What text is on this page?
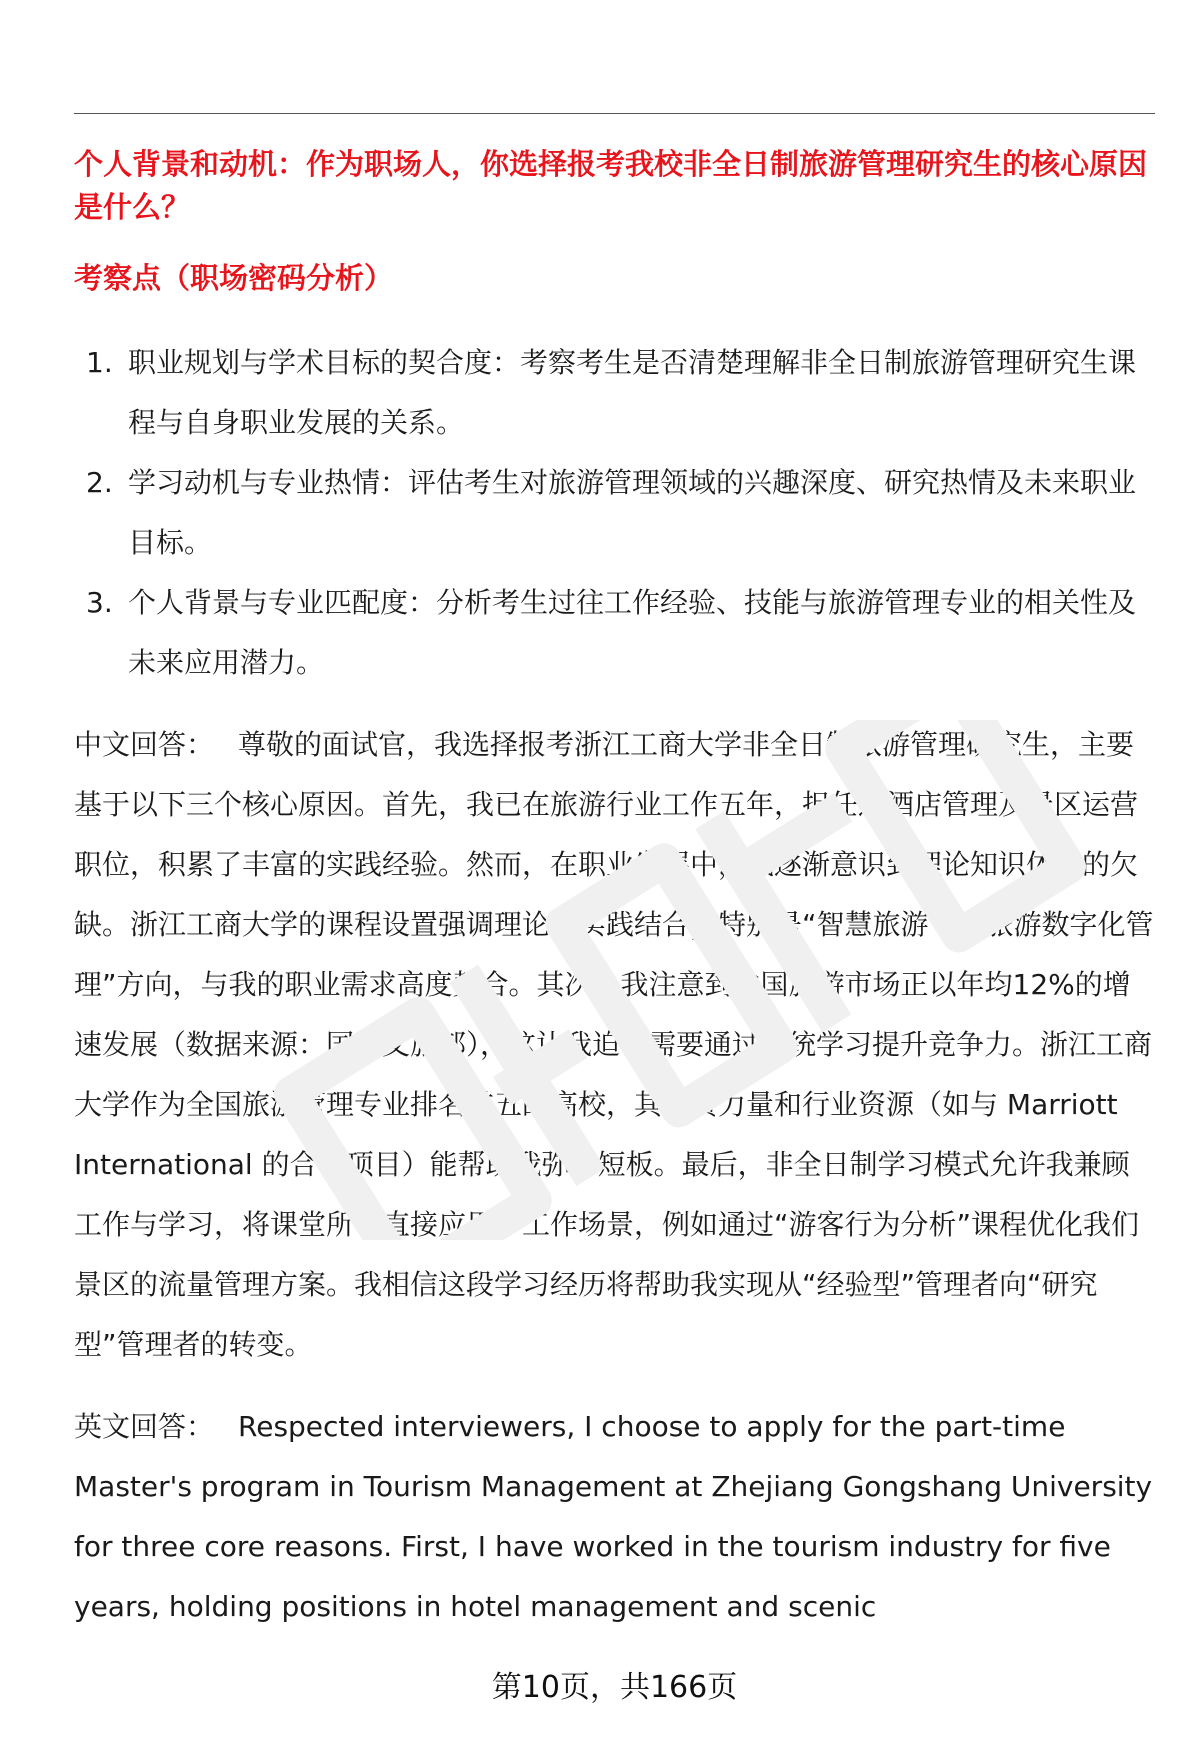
个人背景和动机：作为职场人，你选择报考我校非全日制旅游管理研究生的核心原因是什么？
考察点（职场密码分析）
1. 职业规划与学术目标的契合度：考察考生是否清楚理解非全日制旅游管理研究生课程与自身职业发展的关系。
2. 学习动机与专业热情：评估考生对旅游管理领域的兴趣深度、研究热情及未来职业目标。
3. 个人背景与专业匹配度：分析考生过往工作经验、技能与旅游管理专业的相关性及未来应用潜力。

中文回答： 尊敬的面试官，我选择报考浙江工商大学非全日制旅游管理研究生，主要基于以下三个核心原因。首先，我已在旅游行业工作五年，担任过酒店管理及景区运营职位，积累了丰富的实践经验。然而，在职业发展中，我逐渐意识到理论知识体系的欠缺。浙江工商大学的课程设置强调理论与实践结合，特别是“智慧旅游”和“旅游数字化管理”方向，与我的职业需求高度契合。其次，我注意到中国旅游市场正以年均12%的增速发展（数据来源：国家文旅部），这让我迫切需要通过系统学习提升竞争力。浙江工商大学作为全国旅游管理专业排名前五的高校，其师资力量和行业资源（如与 Marriott International 的合作项目）能帮助我弥补短板。最后，非全日制学习模式允许我兼顾工作与学习，将课堂所学直接应用于工作场景，例如通过“游客行为分析”课程优化我们景区的流量管理方案。我相信这段学习经历将帮助我实现从“经验型”管理者向“研究型”管理者的转变。

英文回答： Respected interviewers, I choose to apply for the part-time Master's program in Tourism Management at Zhejiang Gongshang University for three core reasons. First, I have worked in the tourism industry for five years, holding positions in hotel management and scenic

第10页，共166页
